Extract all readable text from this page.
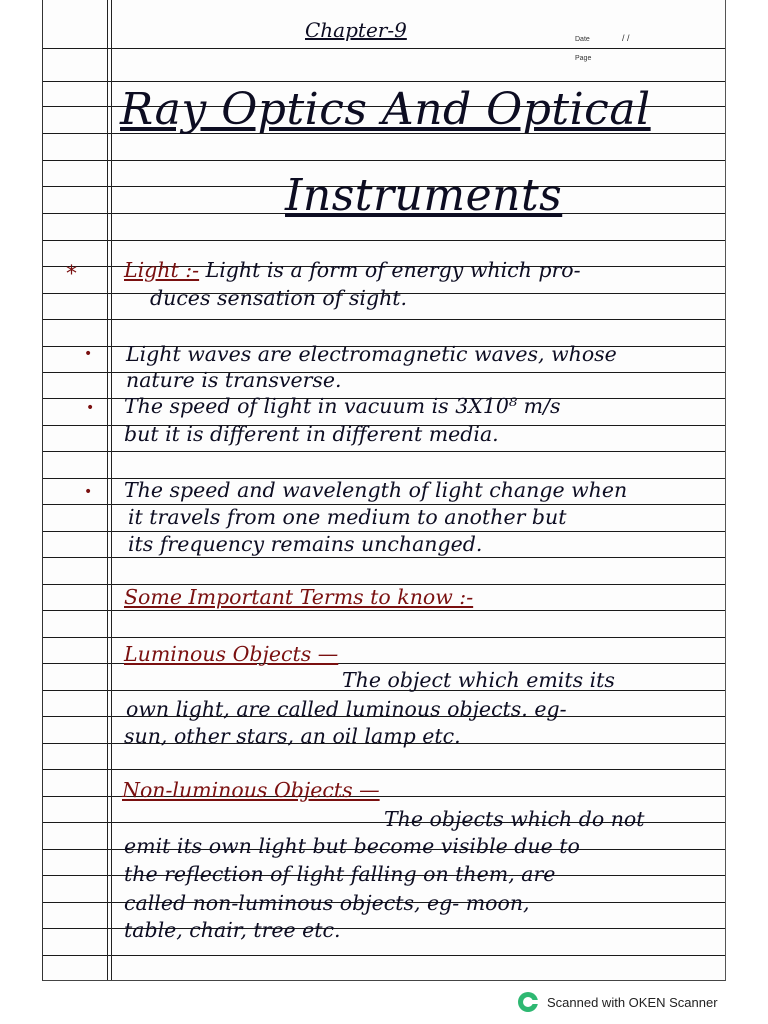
Chapter-9	Date	/ /
Page
Ray Optics And Optical
Instruments
* Light :- Light is a form of energy which pro-
duces sensation of sight.
• Light waves are electromagnetic waves, whose
nature is transverse.
• The speed of light in vacuum is 3X10⁸ m/s
but it is different in different media.
• The speed and wavelength of light change when
it travels from one medium to another but
its frequency remains unchanged.
Some Important Terms to know :-
Luminous Objects —
The object which emits its
own light, are called luminous objects. eg-
sun, other stars, an oil lamp etc.
Non-luminous Objects —
The objects which do not
emit its own light but become visible due to
the reflection of light falling on them, are
called non-luminous objects, eg- moon,
table, chair, tree etc.
Scanned with OKEN Scanner
